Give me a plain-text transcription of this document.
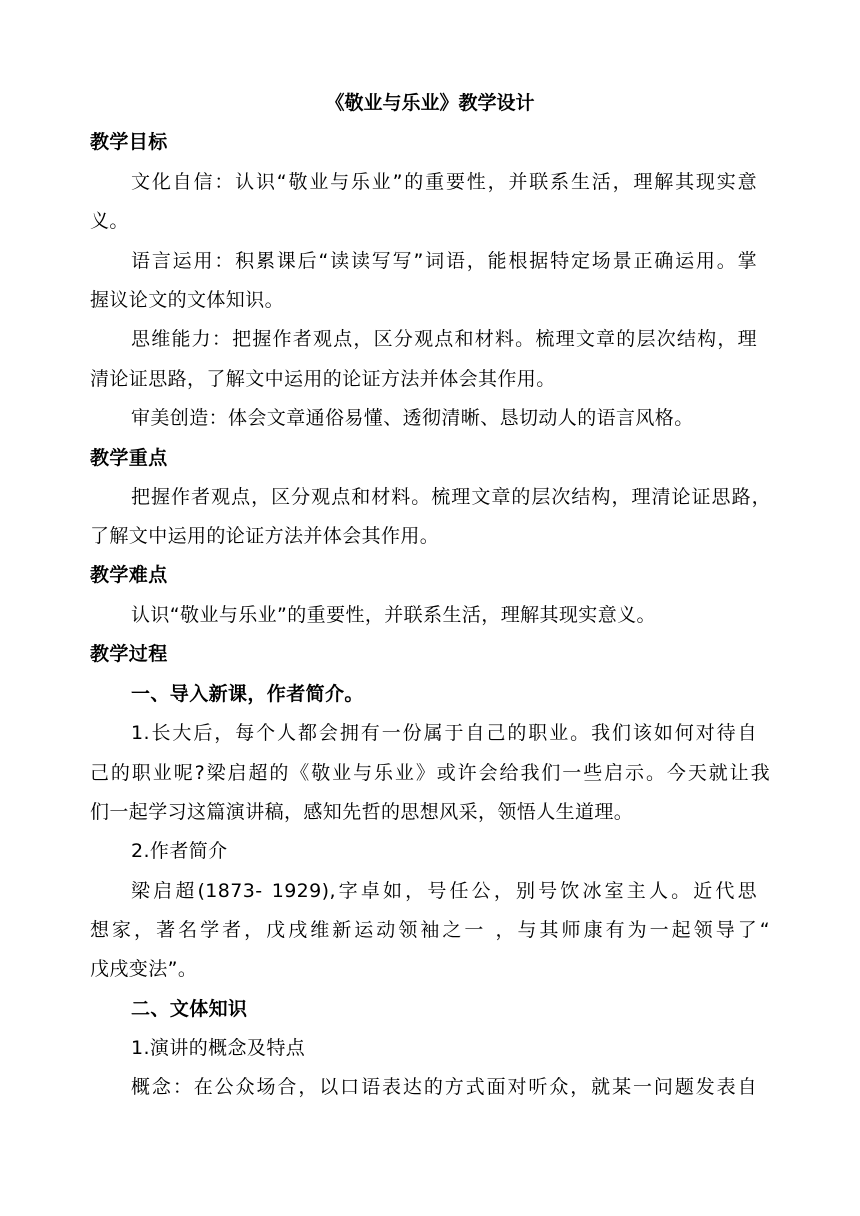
《敬业与乐业》教学设计
教学目标
文化自信：认识“敬业与乐业”的重要性，并联系生活，理解其现实意
义。
语言运用：积累课后“读读写写”词语，能根据特定场景正确运用。掌
握议论文的文体知识。
思维能力：把握作者观点，区分观点和材料。梳理文章的层次结构，理
清论证思路，了解文中运用的论证方法并体会其作用。
审美创造：体会文章通俗易懂、透彻清晰、恳切动人的语言风格。
教学重点
把握作者观点，区分观点和材料。梳理文章的层次结构，理清论证思路，
了解文中运用的论证方法并体会其作用。
教学难点
认识“敬业与乐业”的重要性，并联系生活，理解其现实意义。
教学过程
一、导入新课，作者简介。
1.长大后，每个人都会拥有一份属于自己的职业。我们该如何对待自
己的职业呢?梁启超的《敬业与乐业》或许会给我们一些启示。今天就让我
们一起学习这篇演讲稿，感知先哲的思想风采，领悟人生道理。
2.作者简介
梁启超(1873- 1929),字卓如，号任公，别号饮冰室主人。近代思
想家，著名学者，戊戌维新运动领袖之一 ，与其师康有为一起领导了“
戊戌变法”。
二、文体知识
1.演讲的概念及特点
概念：在公众场合，以口语表达的方式面对听众，就某一问题发表自
